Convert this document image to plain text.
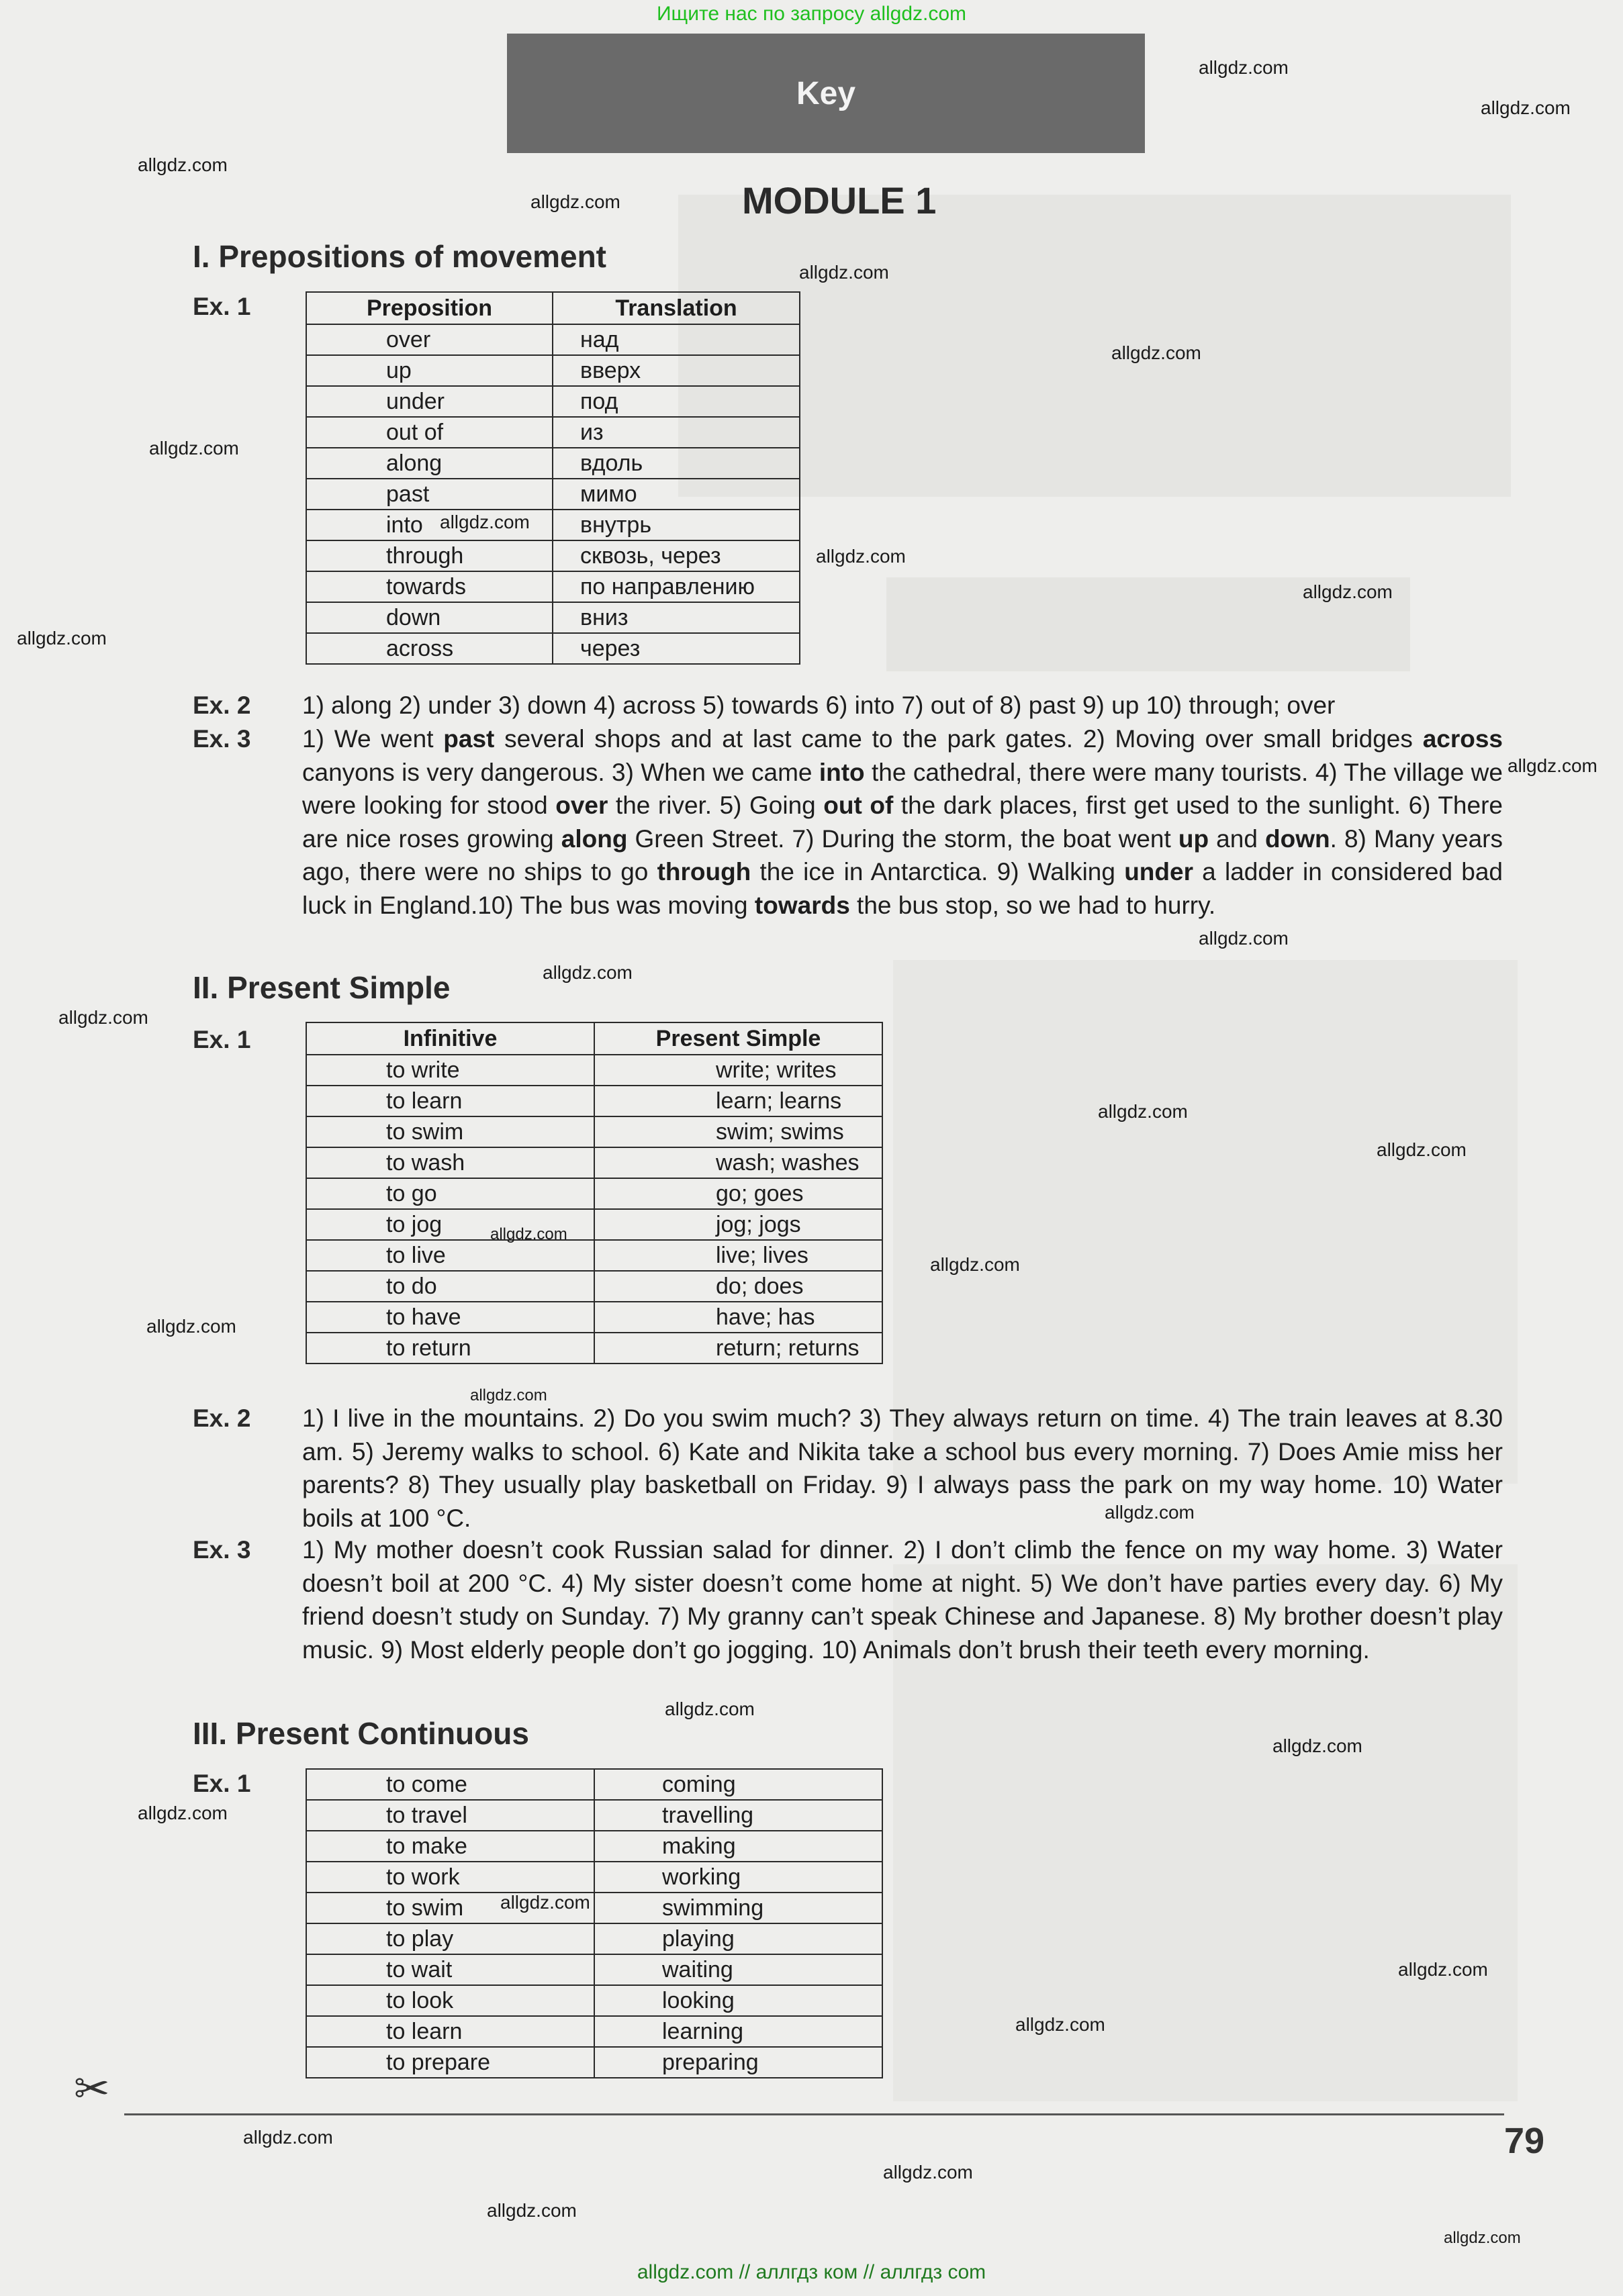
Ищите нас по запросу allgdz.com
Key
MODULE 1
I. Prepositions of movement
Ex. 1	Preposition	Translation
over	над
up	вверх
under	под
out of	из
along	вдоль
past	мимо
into	внутрь
through	сквозь, через
towards	по направлению
down	вниз
across	через
Ex. 2 1) along 2) under 3) down 4) across 5) towards 6) into 7) out of 8) past 9) up 10) through; over
Ex. 3 1) We went past several shops and at last came to the park gates. 2) Moving over small bridges across canyons is very dangerous. 3) When we came into the cathedral, there were many tourists. 4) The village we were looking for stood over the river. 5) Going out of the dark places, first get used to the sunlight. 6) There are nice roses growing along Green Street. 7) During the storm, the boat went up and down. 8) Many years ago, there were no ships to go through the ice in Antarctica. 9) Walking under a ladder in considered bad luck in England.10) The bus was moving towards the bus stop, so we had to hurry.
II. Present Simple
Ex. 1	Infinitive	Present Simple
to write	write; writes
to learn	learn; learns
to swim	swim; swims
to wash	wash; washes
to go	go; goes
to jog	jog; jogs
to live	live; lives
to do	do; does
to have	have; has
to return	return; returns
Ex. 2 1) I live in the mountains. 2) Do you swim much? 3) They always return on time. 4) The train leaves at 8.30 am. 5) Jeremy walks to school. 6) Kate and Nikita take a school bus every morning. 7) Does Amie miss her parents? 8) They usually play basketball on Friday. 9) I always pass the park on my way home. 10) Water boils at 100 °C.
Ex. 3 1) My mother doesn’t cook Russian salad for dinner. 2) I don’t climb the fence on my way home. 3) Water doesn’t boil at 200 °C. 4) My sister doesn’t come home at night. 5) We don’t have parties every day. 6) My friend doesn’t study on Sunday. 7) My granny can’t speak Chinese and Japanese. 8) My brother doesn’t play music. 9) Most elderly people don’t go jogging. 10) Animals don’t brush their teeth every morning.
III. Present Continuous
Ex. 1	to come	coming
to travel	travelling
to make	making
to work	working
to swim	swimming
to play	playing
to wait	waiting
to look	looking
to learn	learning
to prepare	preparing
✂
79
allgdz.com
allgdz.com
allgdz.com
allgdz.com
allgdz.com
allgdz.com
allgdz.com
allgdz.com
allgdz.com
allgdz.com
allgdz.com
allgdz.com
allgdz.com
allgdz.com
allgdz.com
allgdz.com
allgdz.com
allgdz.com
allgdz.com
allgdz.com
allgdz.com
allgdz.com
allgdz.com
allgdz.com
allgdz.com
allgdz.com
allgdz.com
allgdz.com
allgdz.com
allgdz.com
allgdz.com
allgdz.com
allgdz.com // аллгдз ком // аллгдз com
